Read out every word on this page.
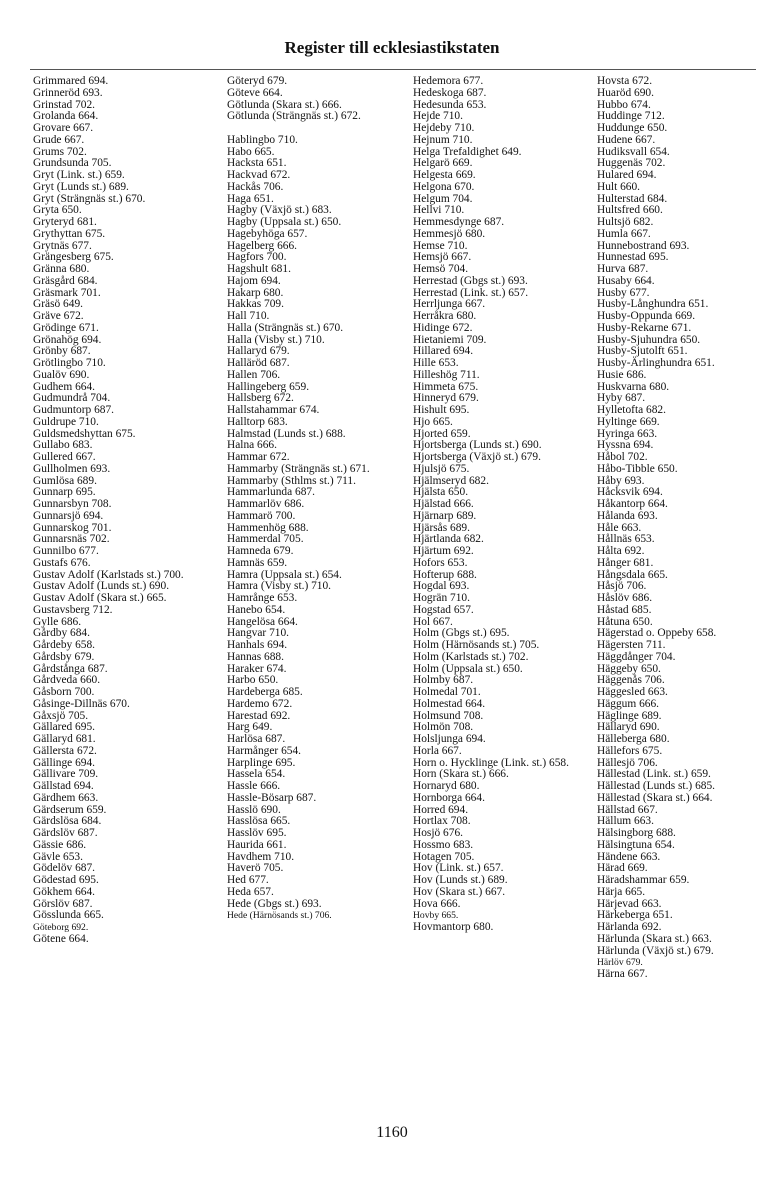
Register till ecklesiastikstaten
Grimmared 694.
Grinneröd 693.
Grinstad 702.
Grolanda 664.
Grovare 667.
Grude 667.
Grums 702.
Grundsunda 705.
Gryt (Link. st.) 659.
Gryt (Lunds st.) 689.
Gryt (Strängnäs st.) 670.
Gryta 650.
Gryteryd 681.
Grythyttan 675.
Grytnäs 677.
Grängesberg 675.
Gränna 680.
Gräsgård 684.
Gräsmark 701.
Gräsö 649.
Gräve 672.
Grödinge 671.
Grönahög 694.
Grönby 687.
Grötlingbo 710.
Gualöv 690.
Gudhem 664.
Gudmundrå 704.
Gudmuntorp 687.
Guldrupe 710.
Guldsmedshyttan 675.
Gullabo 683.
Gullered 667.
Gullholmen 693.
Gumlösa 689.
Gunnarp 695.
Gunnarsbyn 708.
Gunnarsjö 694.
Gunnarskog 701.
Gunnarsnäs 702.
Gunnilbo 677.
Gustafs 676.
Gustav Adolf (Karlstads st.) 700.
Gustav Adolf (Lunds st.) 690.
Gustav Adolf (Skara st.) 665.
Gustavsberg 712.
Gylle 686.
Gårdby 684.
Gårdeby 658.
Gårdsby 679.
Gårdstånga 687.
Gårdveda 660.
Gåsborn 700.
Gåsinge-Dillnäs 670.
Gåxsjö 705.
Gällared 695.
Gällaryd 681.
Gällersta 672.
Gällinge 694.
Gällivare 709.
Gällstad 694.
Gärdhem 663.
Gärdserum 659.
Gärdslösa 684.
Gärdslöv 687.
Gässie 686.
Gävle 653.
Gödelöv 687.
Gödestad 695.
Gökhem 664.
Görslöv 687.
Gösslunda 665.
Göteborg 692.
Götene 664.
Göteryd 679.
Göteve 664.
Götlunda (Skara st.) 666.
Götlunda (Strängnäs st.) 672.
Hablingbo 710.
Habo 665.
Hacksta 651.
Hackvad 672.
Hackås 706.
Haga 651.
Hagby (Växjö st.) 683.
Hagby (Uppsala st.) 650.
Hagebyhöga 657.
Hagelberg 666.
Hagfors 700.
Hagshult 681.
Hajom 694.
Hakarp 680.
Hakkas 709.
Hall 710.
Halla (Strängnäs st.) 670.
Halla (Visby st.) 710.
Hallaryd 679.
Halläröd 687.
Hallen 706.
Hallingeberg 659.
Hallsberg 672.
Hallstahammar 674.
Halltorp 683.
Halmstad (Lunds st.) 688.
Halna 666.
Hammar 672.
Hammarby (Strängnäs st.) 671.
Hammarby (Sthlms st.) 711.
Hammarlunda 687.
Hammarlöv 686.
Hammarö 700.
Hammenhög 688.
Hammerdal 705.
Hamneda 679.
Hamnäs 659.
Hamra (Uppsala st.) 654.
Hamra (Visby st.) 710.
Hamrånge 653.
Hanebo 654.
Hangelösa 664.
Hangvar 710.
Hanhals 694.
Hannas 688.
Haraker 674.
Harbo 650.
Hardeberga 685.
Hardemo 672.
Harestad 692.
Harg 649.
Harlösa 687.
Harmånger 654.
Harplinge 695.
Hassela 654.
Hassle 666.
Hassle-Bösarp 687.
Hasslö 690.
Hasslösa 665.
Hasslöv 695.
Haurida 661.
Havdhem 710.
Haverö 705.
Hed 677.
Heda 657.
Hede (Gbgs st.) 693.
Hede (Härnösands st.) 706.
Hedemora 677.
Hedeskoga 687.
Hedesunda 653.
Hejde 710.
Hejdeby 710.
Hejnum 710.
Helga Trefaldighet 649.
Helgarö 669.
Helgesta 669.
Helgona 670.
Helgum 704.
Hellvi 710.
Hemmesdynge 687.
Hemmesjö 680.
Hemse 710.
Hemsjö 667.
Hemsö 704.
Herrestad (Gbgs st.) 693.
Herrestad (Link. st.) 657.
Herrljunga 667.
Herråkra 680.
Hidinge 672.
Hietaniemi 709.
Hillared 694.
Hille 653.
Hilleshög 711.
Himmeta 675.
Hinneryd 679.
Hishult 695.
Hjo 665.
Hjorted 659.
Hjortsberga (Lunds st.) 690.
Hjortsberga (Växjö st.) 679.
Hjulsjö 675.
Hjälmseryd 682.
Hjälsta 650.
Hjälstad 666.
Hjärnarp 689.
Hjärsås 689.
Hjärtlanda 682.
Hjärtum 692.
Hofors 653.
Hofterup 688.
Hogdal 693.
Hogrän 710.
Hogstad 657.
Hol 667.
Holm (Gbgs st.) 695.
Holm (Härnösands st.) 705.
Holm (Karlstads st.) 702.
Holm (Uppsala st.) 650.
Holmby 687.
Holmedal 701.
Holmestad 664.
Holmsund 708.
Holmön 708.
Holsljunga 694.
Horla 667.
Horn o. Hycklinge (Link. st.) 658.
Horn (Skara st.) 666.
Hornaryd 680.
Hornborga 664.
Horred 694.
Hortlax 708.
Hosjö 676.
Hossmo 683.
Hotagen 705.
Hov (Link. st.) 657.
Hov (Lunds st.) 689.
Hov (Skara st.) 667.
Hova 666.
Hovby 665.
Hovmantorp 680.
Hovsta 672.
Huaröd 690.
Hubbo 674.
Huddinge 712.
Huddunge 650.
Hudene 667.
Hudiksvall 654.
Huggenäs 702.
Hulared 694.
Hult 660.
Hulterstad 684.
Hultsfred 660.
Hultsjö 682.
Humla 667.
Hunnebostrand 693.
Hunnestad 695.
Hurva 687.
Husaby 664.
Husby 677.
Husby-Långhundra 651.
Husby-Oppunda 669.
Husby-Rekarne 671.
Husby-Sjuhundra 650.
Husby-Sjutolft 651.
Husby-Ärlinghundra 651.
Husie 686.
Huskvarna 680.
Hyby 687.
Hylletofta 682.
Hyltinge 669.
Hyringa 663.
Hyssna 694.
Håbol 702.
Håbo-Tibble 650.
Håby 693.
Håcksvik 694.
Håkantorp 664.
Hålanda 693.
Håle 663.
Hållnäs 653.
Hålta 692.
Hånger 681.
Hångsdala 665.
Håsjö 706.
Håslöv 686.
Håstad 685.
Håtuna 650.
Hägerstad o. Oppeby 658.
Hägersten 711.
Häggdånger 704.
Häggeby 650.
Häggenås 706.
Häggesled 663.
Häggum 666.
Häglinge 689.
Hällaryd 690.
Hälleberga 680.
Hällefors 675.
Hällesjö 706.
Hällestad (Link. st.) 659.
Hällestad (Lunds st.) 685.
Hällestad (Skara st.) 664.
Hällstad 667.
Hällum 663.
Hälsingborg 688.
Hälsingtuna 654.
Händene 663.
Härad 669.
Häradshammar 659.
Härja 665.
Härjevad 663.
Härkeberga 651.
Härlanda 692.
Härlunda (Skara st.) 663.
Härlunda (Växjö st.) 679.
Härlöv 679.
Härna 667.
1160
